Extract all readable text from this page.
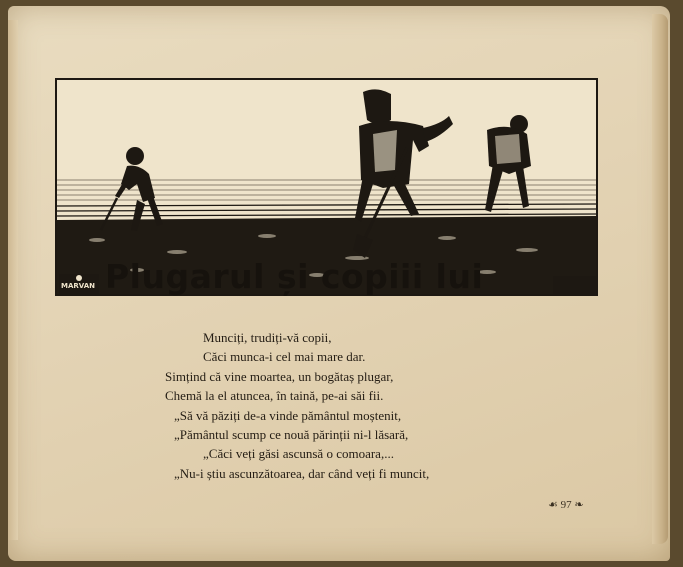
MARVAN Plugarul și copiii lui
Munciți, trudiți-vă copii,
Căci munca-i cel mai mare dar.
Simțind că vine moartea, un bogătaș plugar,
Chemă la el atuncea, în taină, pe-ai săi fii.
„Să vă păziți de-a vinde pământul moștenit,
„Pământul scump ce nouă părinții ni-l lăsară,
„Căci veți găsi ascunsă o comoara,...
„Nu-i știu ascunzătoarea, dar când veți fi muncit,
☙ 97 ❧
